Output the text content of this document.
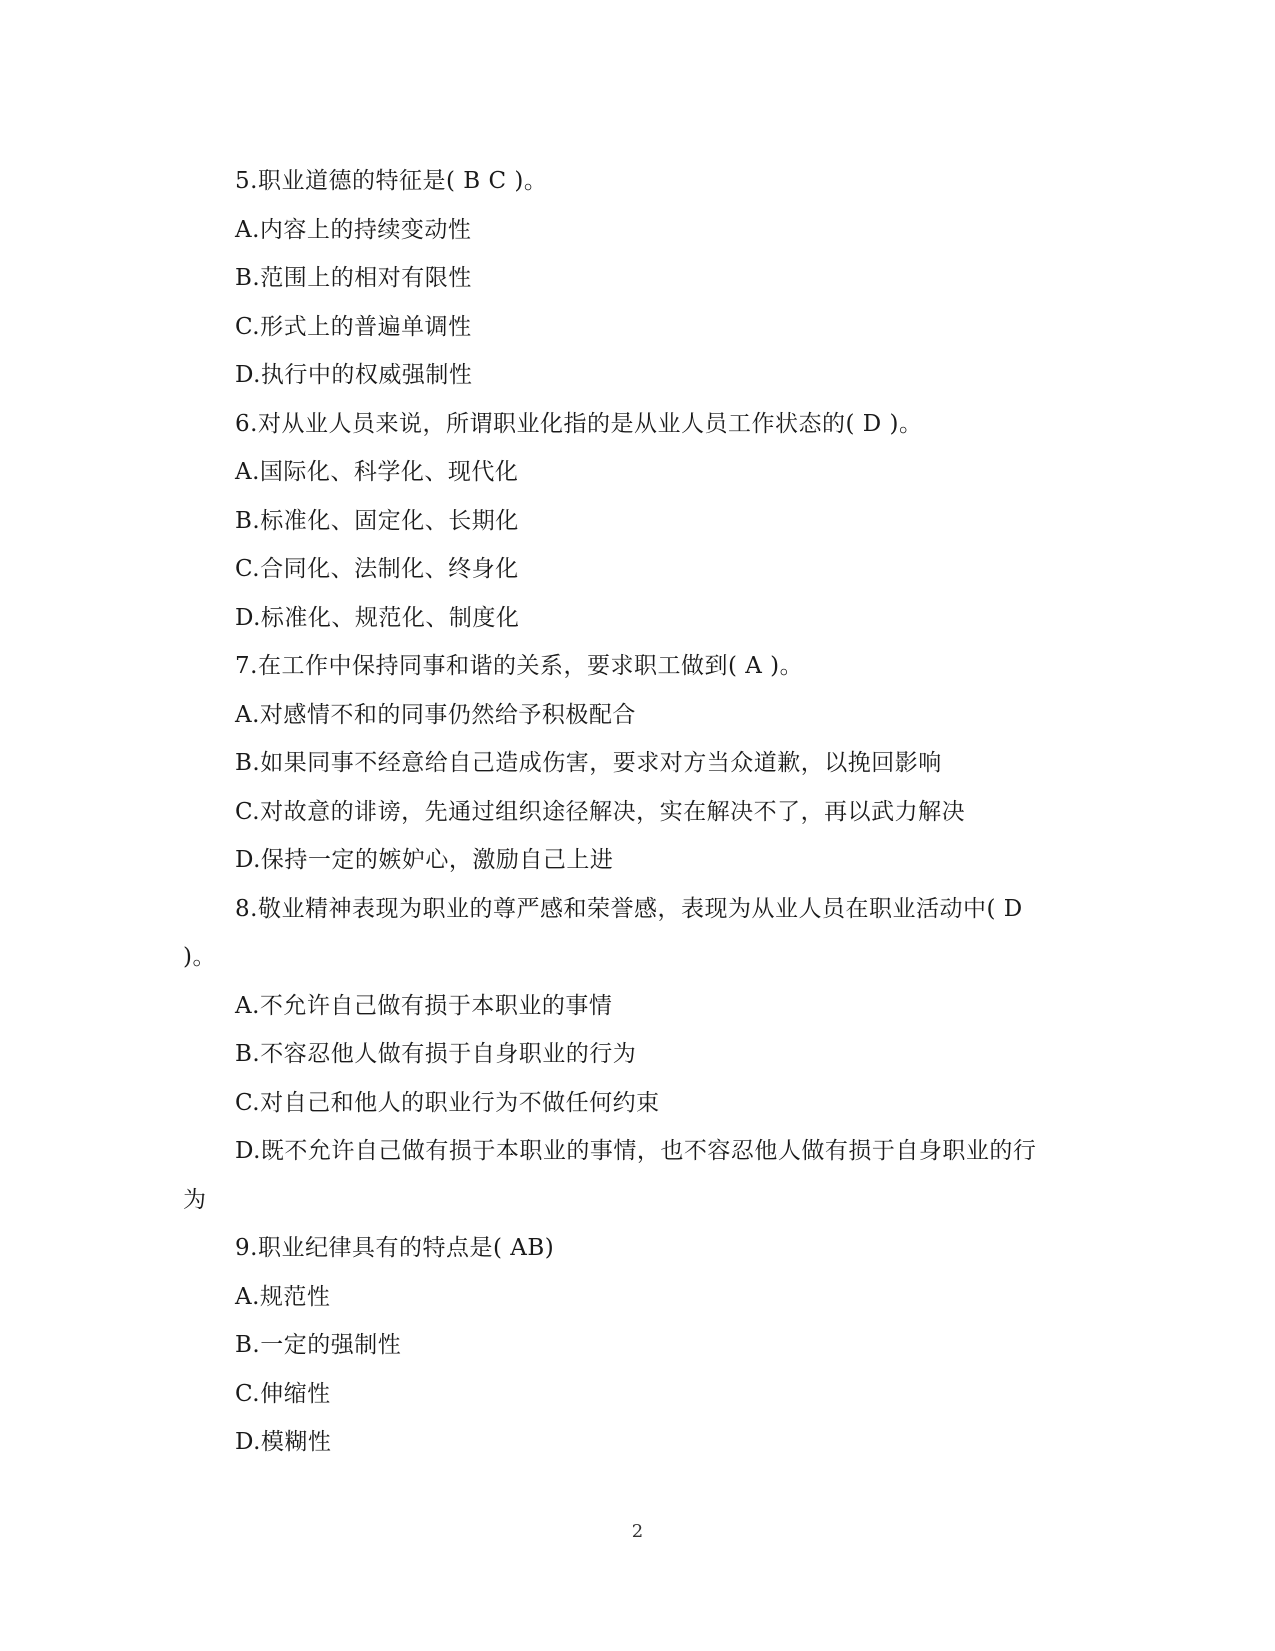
5.职业道德的特征是( B C )。
A.内容上的持续变动性
B.范围上的相对有限性
C.形式上的普遍单调性
D.执行中的权威强制性
6.对从业人员来说，所谓职业化指的是从业人员工作状态的( D )。
A.国际化、科学化、现代化
B.标准化、固定化、长期化
C.合同化、法制化、终身化
D.标准化、规范化、制度化
7.在工作中保持同事和谐的关系，要求职工做到( A )。
A.对感情不和的同事仍然给予积极配合
B.如果同事不经意给自己造成伤害，要求对方当众道歉，以挽回影响
C.对故意的诽谤，先通过组织途径解决，实在解决不了，再以武力解决
D.保持一定的嫉妒心，激励自己上进
8.敬业精神表现为职业的尊严感和荣誉感，表现为从业人员在职业活动中( D
)。
A.不允许自己做有损于本职业的事情
B.不容忍他人做有损于自身职业的行为
C.对自己和他人的职业行为不做任何约束
D.既不允许自己做有损于本职业的事情，也不容忍他人做有损于自身职业的行
为
9.职业纪律具有的特点是( AB)
A.规范性
B.一定的强制性
C.伸缩性
D.模糊性
2
